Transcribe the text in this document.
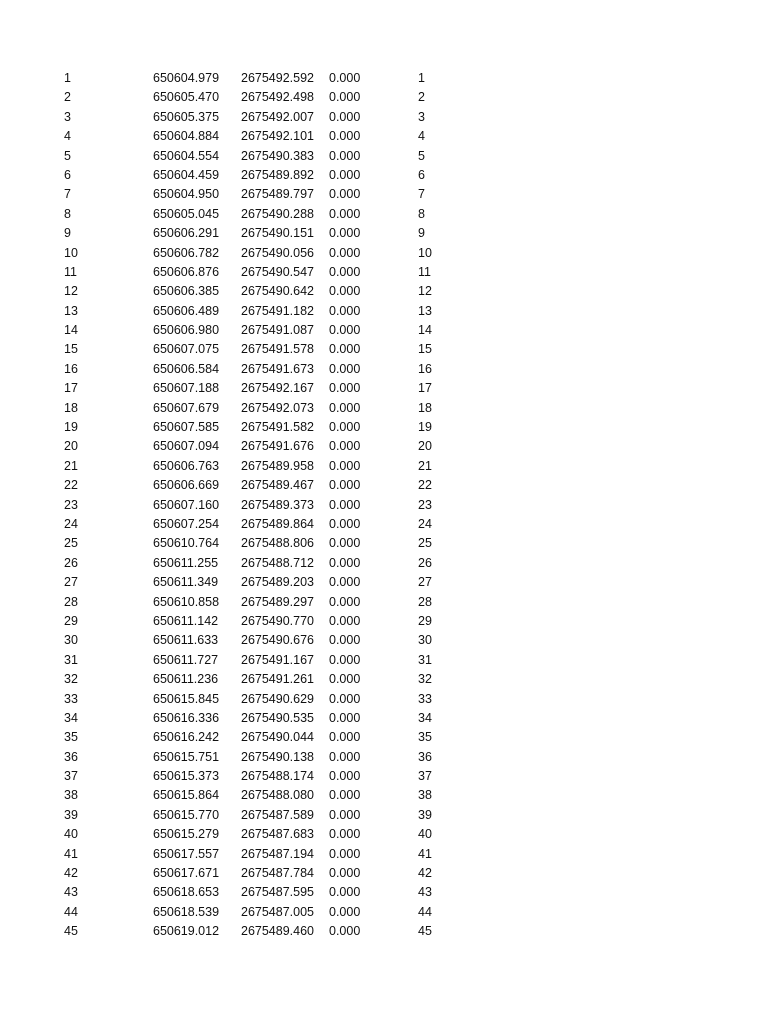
1	650604.979 2675492.592 0.000	1
2	650605.470 2675492.498 0.000	2
3	650605.375 2675492.007 0.000	3
4	650604.884 2675492.101 0.000	4
5	650604.554 2675490.383 0.000	5
6	650604.459 2675489.892 0.000	6
7	650604.950 2675489.797 0.000	7
8	650605.045 2675490.288 0.000	8
9	650606.291 2675490.151 0.000	9
10	650606.782 2675490.056 0.000	10
11	650606.876 2675490.547 0.000	11
12	650606.385 2675490.642 0.000	12
13	650606.489 2675491.182 0.000	13
14	650606.980 2675491.087 0.000	14
15	650607.075 2675491.578 0.000	15
16	650606.584 2675491.673 0.000	16
17	650607.188 2675492.167 0.000	17
18	650607.679 2675492.073 0.000	18
19	650607.585 2675491.582 0.000	19
20	650607.094 2675491.676 0.000	20
21	650606.763 2675489.958 0.000	21
22	650606.669 2675489.467 0.000	22
23	650607.160 2675489.373 0.000	23
24	650607.254 2675489.864 0.000	24
25	650610.764 2675488.806 0.000	25
26	650611.255 2675488.712 0.000	26
27	650611.349 2675489.203 0.000	27
28	650610.858 2675489.297 0.000	28
29	650611.142 2675490.770 0.000	29
30	650611.633 2675490.676 0.000	30
31	650611.727 2675491.167 0.000	31
32	650611.236 2675491.261 0.000	32
33	650615.845 2675490.629 0.000	33
34	650616.336 2675490.535 0.000	34
35	650616.242 2675490.044 0.000	35
36	650615.751 2675490.138 0.000	36
37	650615.373 2675488.174 0.000	37
38	650615.864 2675488.080 0.000	38
39	650615.770 2675487.589 0.000	39
40	650615.279 2675487.683 0.000	40
41	650617.557 2675487.194 0.000	41
42	650617.671 2675487.784 0.000	42
43	650618.653 2675487.595 0.000	43
44	650618.539 2675487.005 0.000	44
45	650619.012 2675489.460 0.000	45
